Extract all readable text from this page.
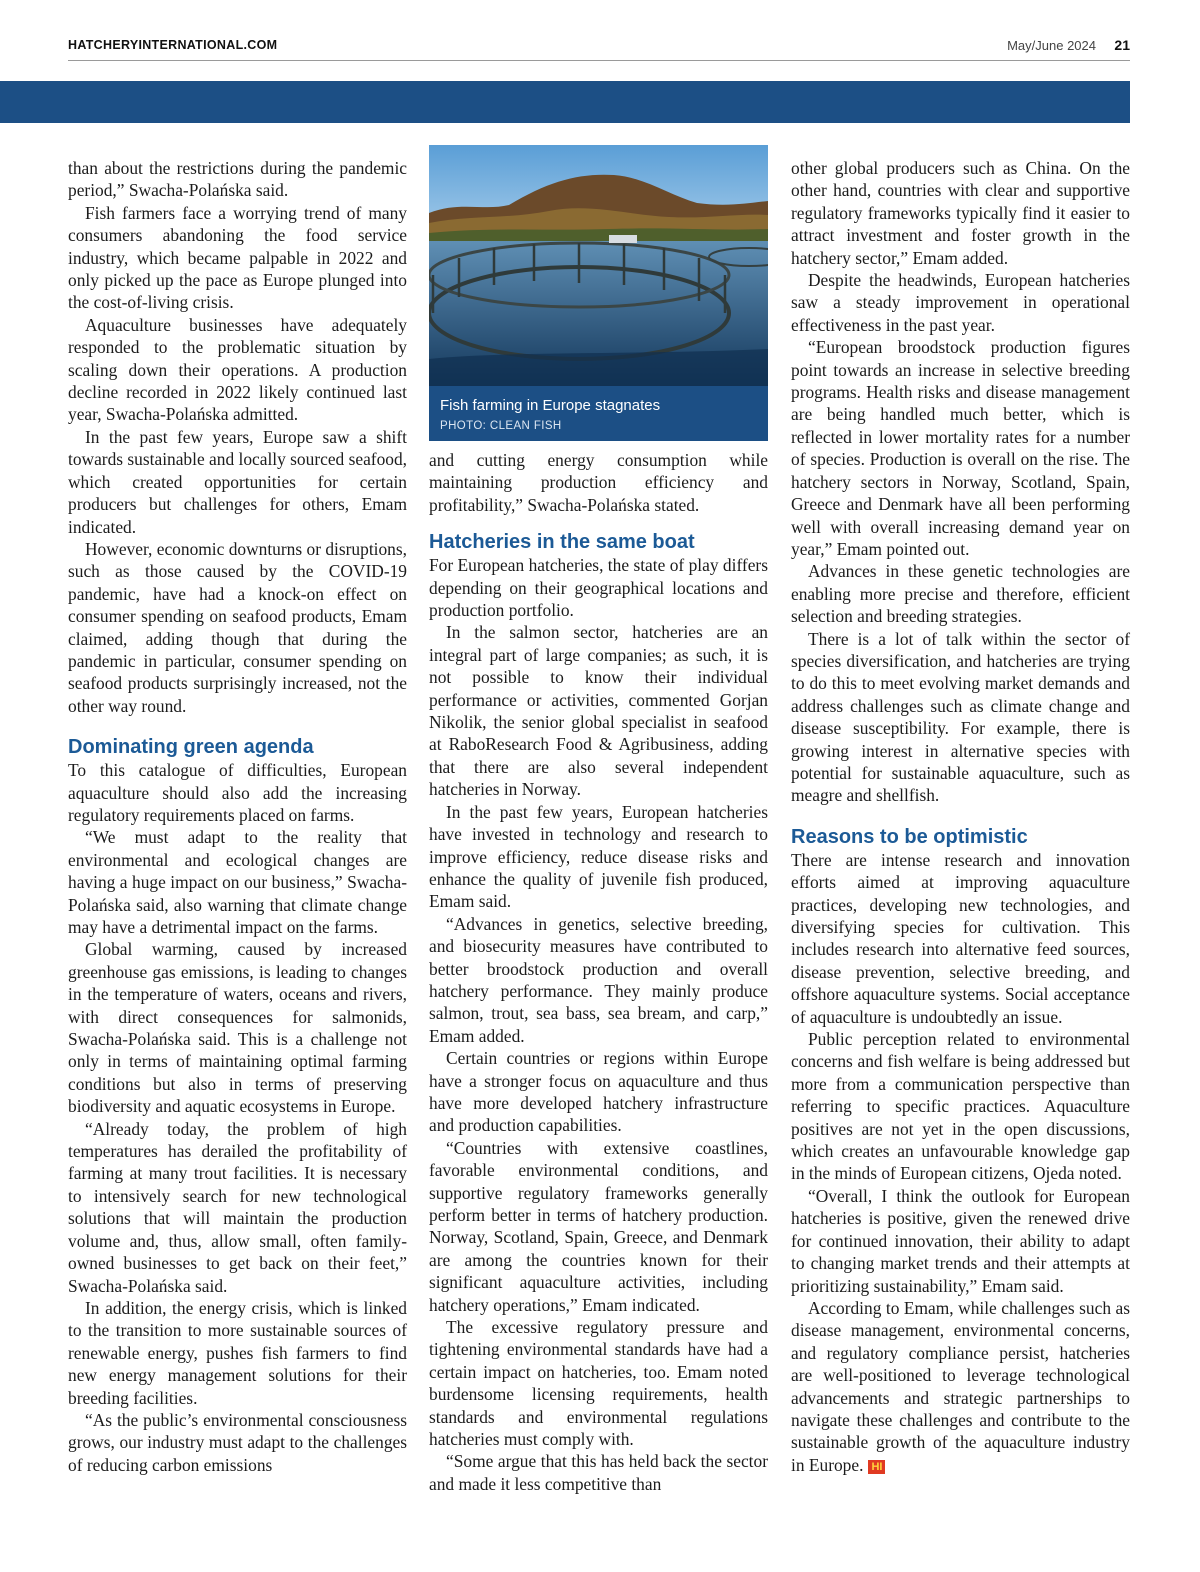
HATCHERYINTERNATIONAL.COM	May/June 2024 21

than about the restrictions during the pandemic period,” Swacha-Polańska said.

Fish farmers face a worrying trend of many consumers abandoning the food service industry, which became palpable in 2022 and only picked up the pace as Europe plunged into the cost-of-living crisis.

Aquaculture businesses have adequately responded to the problematic situation by scaling down their operations. A production decline recorded in 2022 likely continued last year, Swacha-Polańska admitted.

In the past few years, Europe saw a shift towards sustainable and locally sourced seafood, which created opportunities for certain producers but challenges for others, Emam indicated.

However, economic downturns or disruptions, such as those caused by the COVID-19 pandemic, have had a knock-on effect on consumer spending on seafood products, Emam claimed, adding though that during the pandemic in particular, consumer spending on seafood products surprisingly increased, not the other way round.

Dominating green agenda

To this catalogue of difficulties, European aquaculture should also add the increasing regulatory requirements placed on farms.

“We must adapt to the reality that environmental and ecological changes are having a huge impact on our business,” Swacha-Polańska said, also warning that climate change may have a detrimental impact on the farms.

Global warming, caused by increased greenhouse gas emissions, is leading to changes in the temperature of waters, oceans and rivers, with direct consequences for salmonids, Swacha-Polańska said. This is a challenge not only in terms of maintaining optimal farming conditions but also in terms of preserving biodiversity and aquatic ecosystems in Europe.

“Already today, the problem of high temperatures has derailed the profitability of farming at many trout facilities. It is necessary to intensively search for new technological solutions that will maintain the production volume and, thus, allow small, often family-owned businesses to get back on their feet,” Swacha-Polańska said.

In addition, the energy crisis, which is linked to the transition to more sustainable sources of renewable energy, pushes fish farmers to find new energy management solutions for their breeding facilities.

“As the public’s environmental consciousness grows, our industry must adapt to the challenges of reducing carbon emissions

Fish farming in Europe stagnates
PHOTO: CLEAN FISH

and cutting energy consumption while maintaining production efficiency and profitability,” Swacha-Polańska stated.

Hatcheries in the same boat

For European hatcheries, the state of play differs depending on their geographical locations and production portfolio.

In the salmon sector, hatcheries are an integral part of large companies; as such, it is not possible to know their individual performance or activities, commented Gorjan Nikolik, the senior global specialist in seafood at RaboResearch Food & Agribusiness, adding that there are also several independent hatcheries in Norway.

In the past few years, European hatcheries have invested in technology and research to improve efficiency, reduce disease risks and enhance the quality of juvenile fish produced, Emam said.

“Advances in genetics, selective breeding, and biosecurity measures have contributed to better broodstock production and overall hatchery performance. They mainly produce salmon, trout, sea bass, sea bream, and carp,” Emam added.

Certain countries or regions within Europe have a stronger focus on aquaculture and thus have more developed hatchery infrastructure and production capabilities.

“Countries with extensive coastlines, favorable environmental conditions, and supportive regulatory frameworks generally perform better in terms of hatchery production. Norway, Scotland, Spain, Greece, and Denmark are among the countries known for their significant aquaculture activities, including hatchery operations,” Emam indicated.

The excessive regulatory pressure and tightening environmental standards have had a certain impact on hatcheries, too. Emam noted burdensome licensing requirements, health standards and environmental regulations hatcheries must comply with.

“Some argue that this has held back the sector and made it less competitive than

other global producers such as China. On the other hand, countries with clear and supportive regulatory frameworks typically find it easier to attract investment and foster growth in the hatchery sector,” Emam added.

Despite the headwinds, European hatcheries saw a steady improvement in operational effectiveness in the past year.

“European broodstock production figures point towards an increase in selective breeding programs. Health risks and disease management are being handled much better, which is reflected in lower mortality rates for a number of species. Production is overall on the rise. The hatchery sectors in Norway, Scotland, Spain, Greece and Denmark have all been performing well with overall increasing demand year on year,” Emam pointed out.

Advances in these genetic technologies are enabling more precise and therefore, efficient selection and breeding strategies.

There is a lot of talk within the sector of species diversification, and hatcheries are trying to do this to meet evolving market demands and address challenges such as climate change and disease susceptibility. For example, there is growing interest in alternative species with potential for sustainable aquaculture, such as meagre and shellfish.

Reasons to be optimistic

There are intense research and innovation efforts aimed at improving aquaculture practices, developing new technologies, and diversifying species for cultivation. This includes research into alternative feed sources, disease prevention, selective breeding, and offshore aquaculture systems. Social acceptance of aquaculture is undoubtedly an issue.

Public perception related to environmental concerns and fish welfare is being addressed but more from a communication perspective than referring to specific practices. Aquaculture positives are not yet in the open discussions, which creates an unfavourable knowledge gap in the minds of European citizens, Ojeda noted.

“Overall, I think the outlook for European hatcheries is positive, given the renewed drive for continued innovation, their ability to adapt to changing market trends and their attempts at prioritizing sustainability,” Emam said.

According to Emam, while challenges such as disease management, environmental concerns, and regulatory compliance persist, hatcheries are well-positioned to leverage technological advancements and strategic partnerships to navigate these challenges and contribute to the sustainable growth of the aquaculture industry in Europe. HI
